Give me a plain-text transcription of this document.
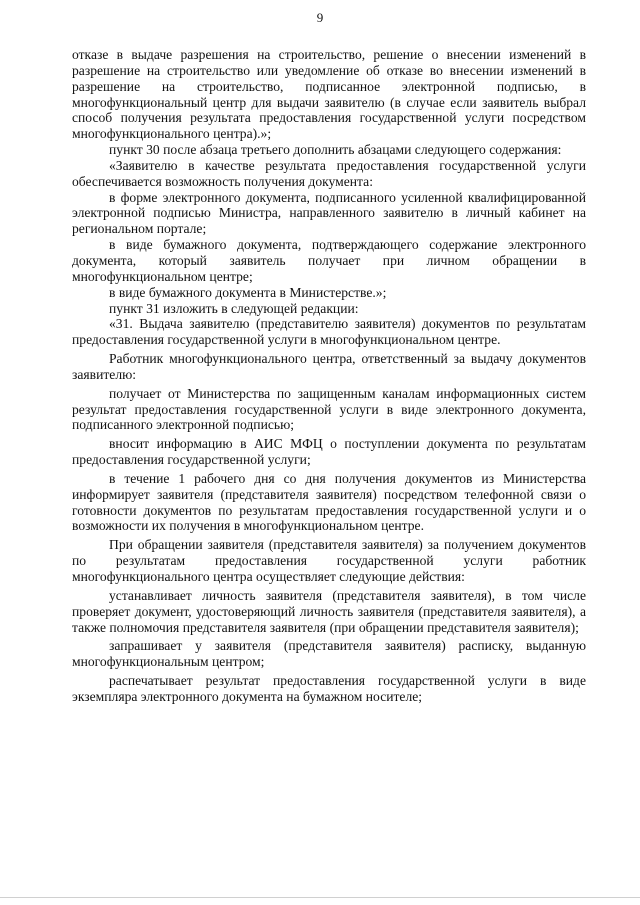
9

отказе в выдаче разрешения на строительство, решение о внесении изменений в разрешение на строительство или уведомление об отказе во внесении изменений в разрешение на строительство, подписанное электронной подписью, в многофункциональный центр для выдачи заявителю (в случае если заявитель выбрал способ получения результата предоставления государственной услуги посредством многофункционального центра).»;

пункт 30 после абзаца третьего дополнить абзацами следующего содержания:

«Заявителю в качестве результата предоставления государственной услуги обеспечивается возможность получения документа:

в форме электронного документа, подписанного усиленной квалифицированной электронной подписью Министра, направленного заявителю в личный кабинет на региональном портале;

в виде бумажного документа, подтверждающего содержание электронного документа, который заявитель получает при личном обращении в многофункциональном центре;

в виде бумажного документа в Министерстве.»;

пункт 31 изложить в следующей редакции:

«31. Выдача заявителю (представителю заявителя) документов по результатам предоставления государственной услуги в многофункциональном центре.

Работник многофункционального центра, ответственный за выдачу документов заявителю:

получает от Министерства по защищенным каналам информационных систем результат предоставления государственной услуги в виде электронного документа, подписанного электронной подписью;

вносит информацию в АИС МФЦ о поступлении документа по результатам предоставления государственной услуги;

в течение 1 рабочего дня со дня получения документов из Министерства информирует заявителя (представителя заявителя) посредством телефонной связи о готовности документов по результатам предоставления государственной услуги и о возможности их получения в многофункциональном центре.

При обращении заявителя (представителя заявителя) за получением документов по результатам предоставления государственной услуги работник многофункционального центра осуществляет следующие действия:

устанавливает личность заявителя (представителя заявителя), в том числе проверяет документ, удостоверяющий личность заявителя (представителя заявителя), а также полномочия представителя заявителя (при обращении представителя заявителя);

запрашивает у заявителя (представителя заявителя) расписку, выданную многофункциональным центром;

распечатывает результат предоставления государственной услуги в виде экземпляра электронного документа на бумажном носителе;
